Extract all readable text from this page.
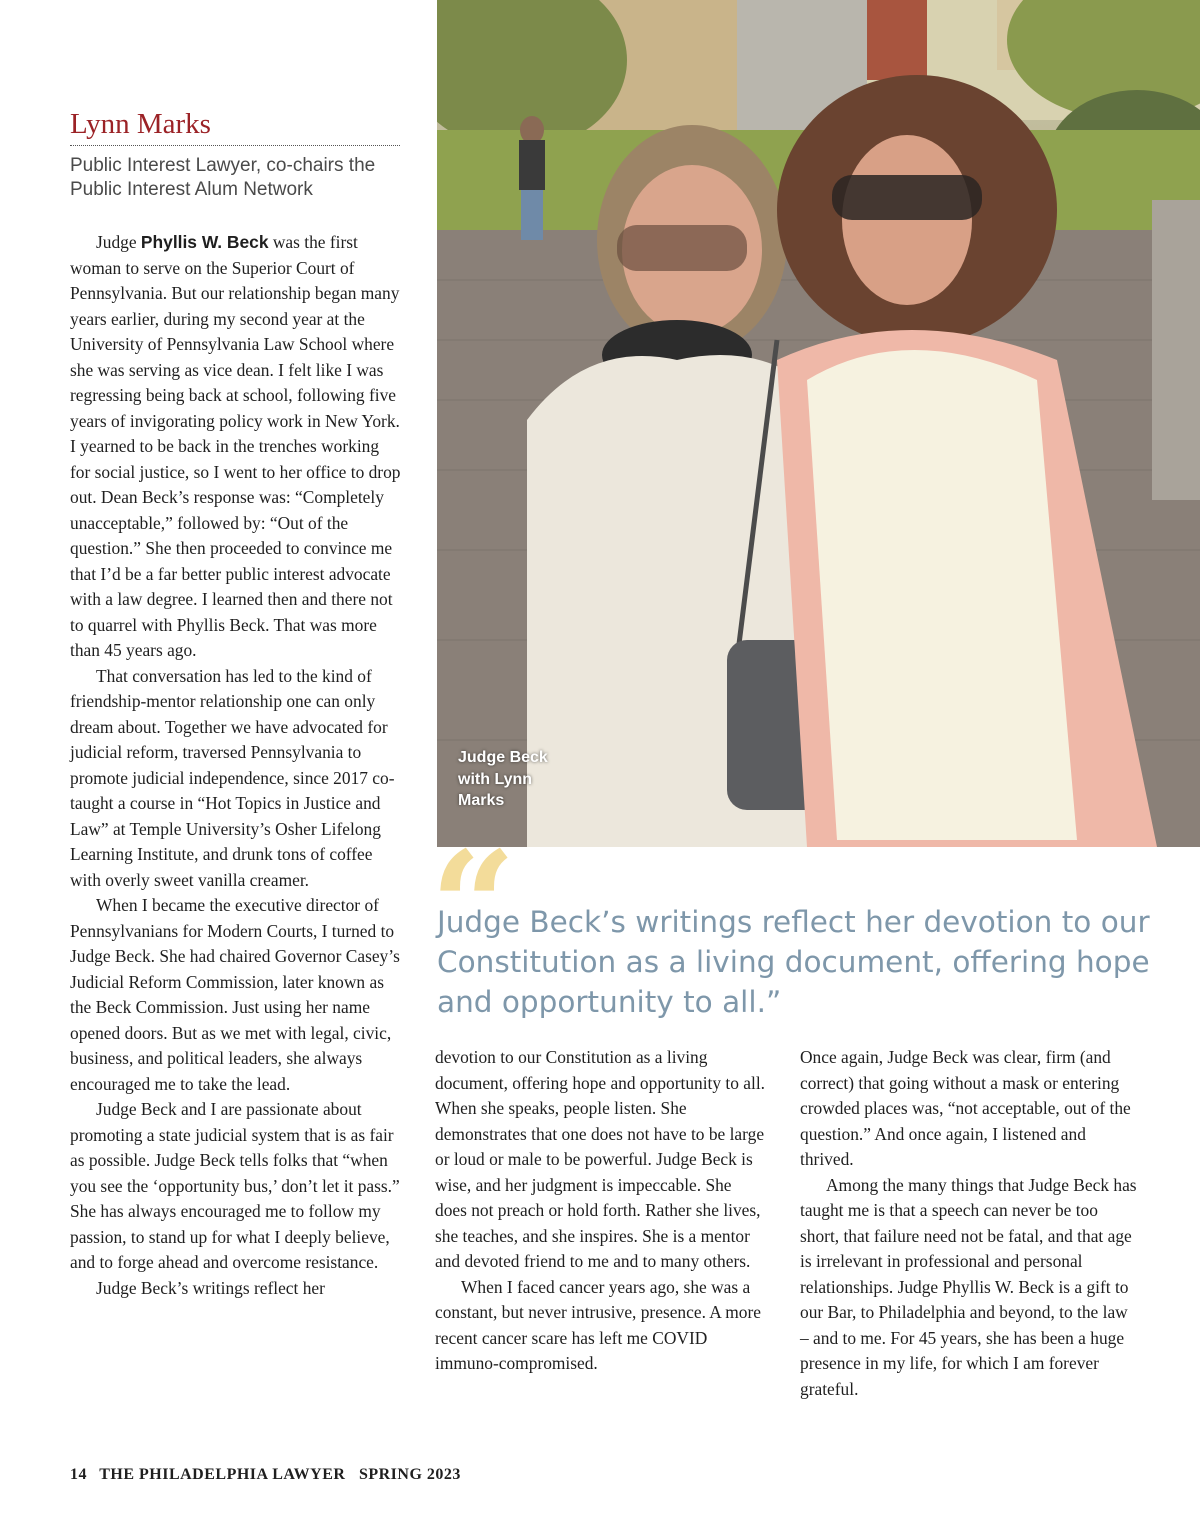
Lynn Marks
Public Interest Lawyer, co-chairs the Public Interest Alum Network

Judge Phyllis W. Beck was the first woman to serve on the Superior Court of Pennsylvania. But our relationship began many years earlier, during my second year at the University of Pennsylvania Law School where she was serving as vice dean. I felt like I was regressing being back at school, following five years of invigorating policy work in New York. I yearned to be back in the trenches working for social justice, so I went to her office to drop out. Dean Beck’s response was: “Completely unacceptable,” followed by: “Out of the question.” She then proceeded to convince me that I’d be a far better public interest advocate with a law degree. I learned then and there not to quarrel with Phyllis Beck. That was more than 45 years ago.

That conversation has led to the kind of friendship-mentor relationship one can only dream about. Together we have advocated for judicial reform, traversed Pennsylvania to promote judicial independence, since 2017 co-taught a course in “Hot Topics in Justice and Law” at Temple University’s Osher Lifelong Learning Institute, and drunk tons of coffee with overly sweet vanilla creamer.

When I became the executive director of Pennsylvanians for Modern Courts, I turned to Judge Beck. She had chaired Governor Casey’s Judicial Reform Commission, later known as the Beck Commission. Just using her name opened doors. But as we met with legal, civic, business, and political leaders, she always encouraged me to take the lead.

Judge Beck and I are passionate about promoting a state judicial system that is as fair as possible. Judge Beck tells folks that “when you see the ‘opportunity bus,’ don’t let it pass.” She has always encouraged me to follow my passion, to stand up for what I deeply believe, and to forge ahead and overcome resistance.

Judge Beck’s writings reflect her

Judge Beck with Lynn Marks
“
Judge Beck’s writings reflect her devotion to our Constitution as a living document, offering hope and opportunity to all.”

devotion to our Constitution as a living document, offering hope and opportunity to all. When she speaks, people listen. She demonstrates that one does not have to be large or loud or male to be powerful. Judge Beck is wise, and her judgment is impeccable. She does not preach or hold forth. Rather she lives, she teaches, and she inspires. She is a mentor and devoted friend to me and to many others.

When I faced cancer years ago, she was a constant, but never intrusive, presence. A more recent cancer scare has left me COVID immuno-compromised.

Once again, Judge Beck was clear, firm (and correct) that going without a mask or entering crowded places was, “not acceptable, out of the question.” And once again, I listened and thrived.

Among the many things that Judge Beck has taught me is that a speech can never be too short, that failure need not be fatal, and that age is irrelevant in professional and personal relationships. Judge Phyllis W. Beck is a gift to our Bar, to Philadelphia and beyond, to the law – and to me. For 45 years, she has been a huge presence in my life, for which I am forever grateful.

14 THE PHILADELPHIA LAWYER SPRING 2023
